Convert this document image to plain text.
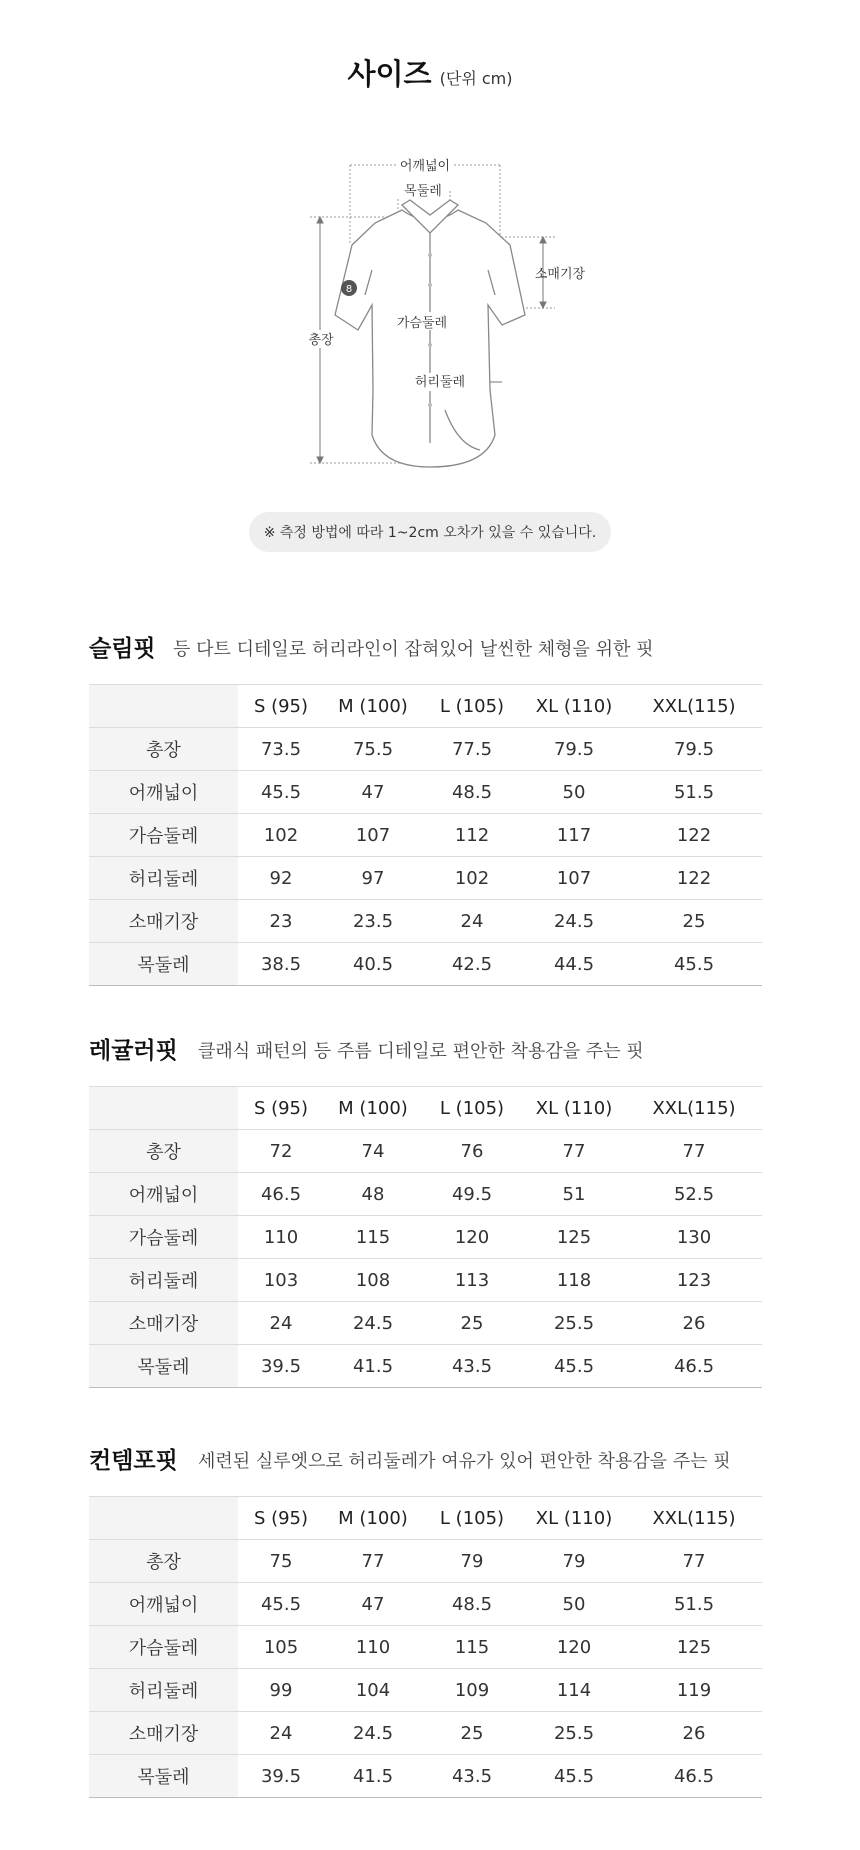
사이즈 (단위 cm)
8
어깨넓이
목둘레
소매기장
가슴둘레
허리둘레
총장
※ 측정 방법에 따라 1~2cm 오차가 있을 수 있습니다.
슬림핏 등 다트 디테일로 허리라인이 잡혀있어 날씬한 체형을 위한 핏
	S (95)	M (100)	L (105)	XL (110)	XXL(115)
총장	73.5	75.5	77.5	79.5	79.5
어깨넓이	45.5	47	48.5	50	51.5
가슴둘레	102	107	112	117	122
허리둘레	92	97	102	107	122
소매기장	23	23.5	24	24.5	25
목둘레	38.5	40.5	42.5	44.5	45.5
레귤러핏 클래식 패턴의 등 주름 디테일로 편안한 착용감을 주는 핏
	S (95)	M (100)	L (105)	XL (110)	XXL(115)
총장	72	74	76	77	77
어깨넓이	46.5	48	49.5	51	52.5
가슴둘레	110	115	120	125	130
허리둘레	103	108	113	118	123
소매기장	24	24.5	25	25.5	26
목둘레	39.5	41.5	43.5	45.5	46.5
컨템포핏 세련된 실루엣으로 허리둘레가 여유가 있어 편안한 착용감을 주는 핏
	S (95)	M (100)	L (105)	XL (110)	XXL(115)
총장	75	77	79	79	77
어깨넓이	45.5	47	48.5	50	51.5
가슴둘레	105	110	115	120	125
허리둘레	99	104	109	114	119
소매기장	24	24.5	25	25.5	26
목둘레	39.5	41.5	43.5	45.5	46.5
